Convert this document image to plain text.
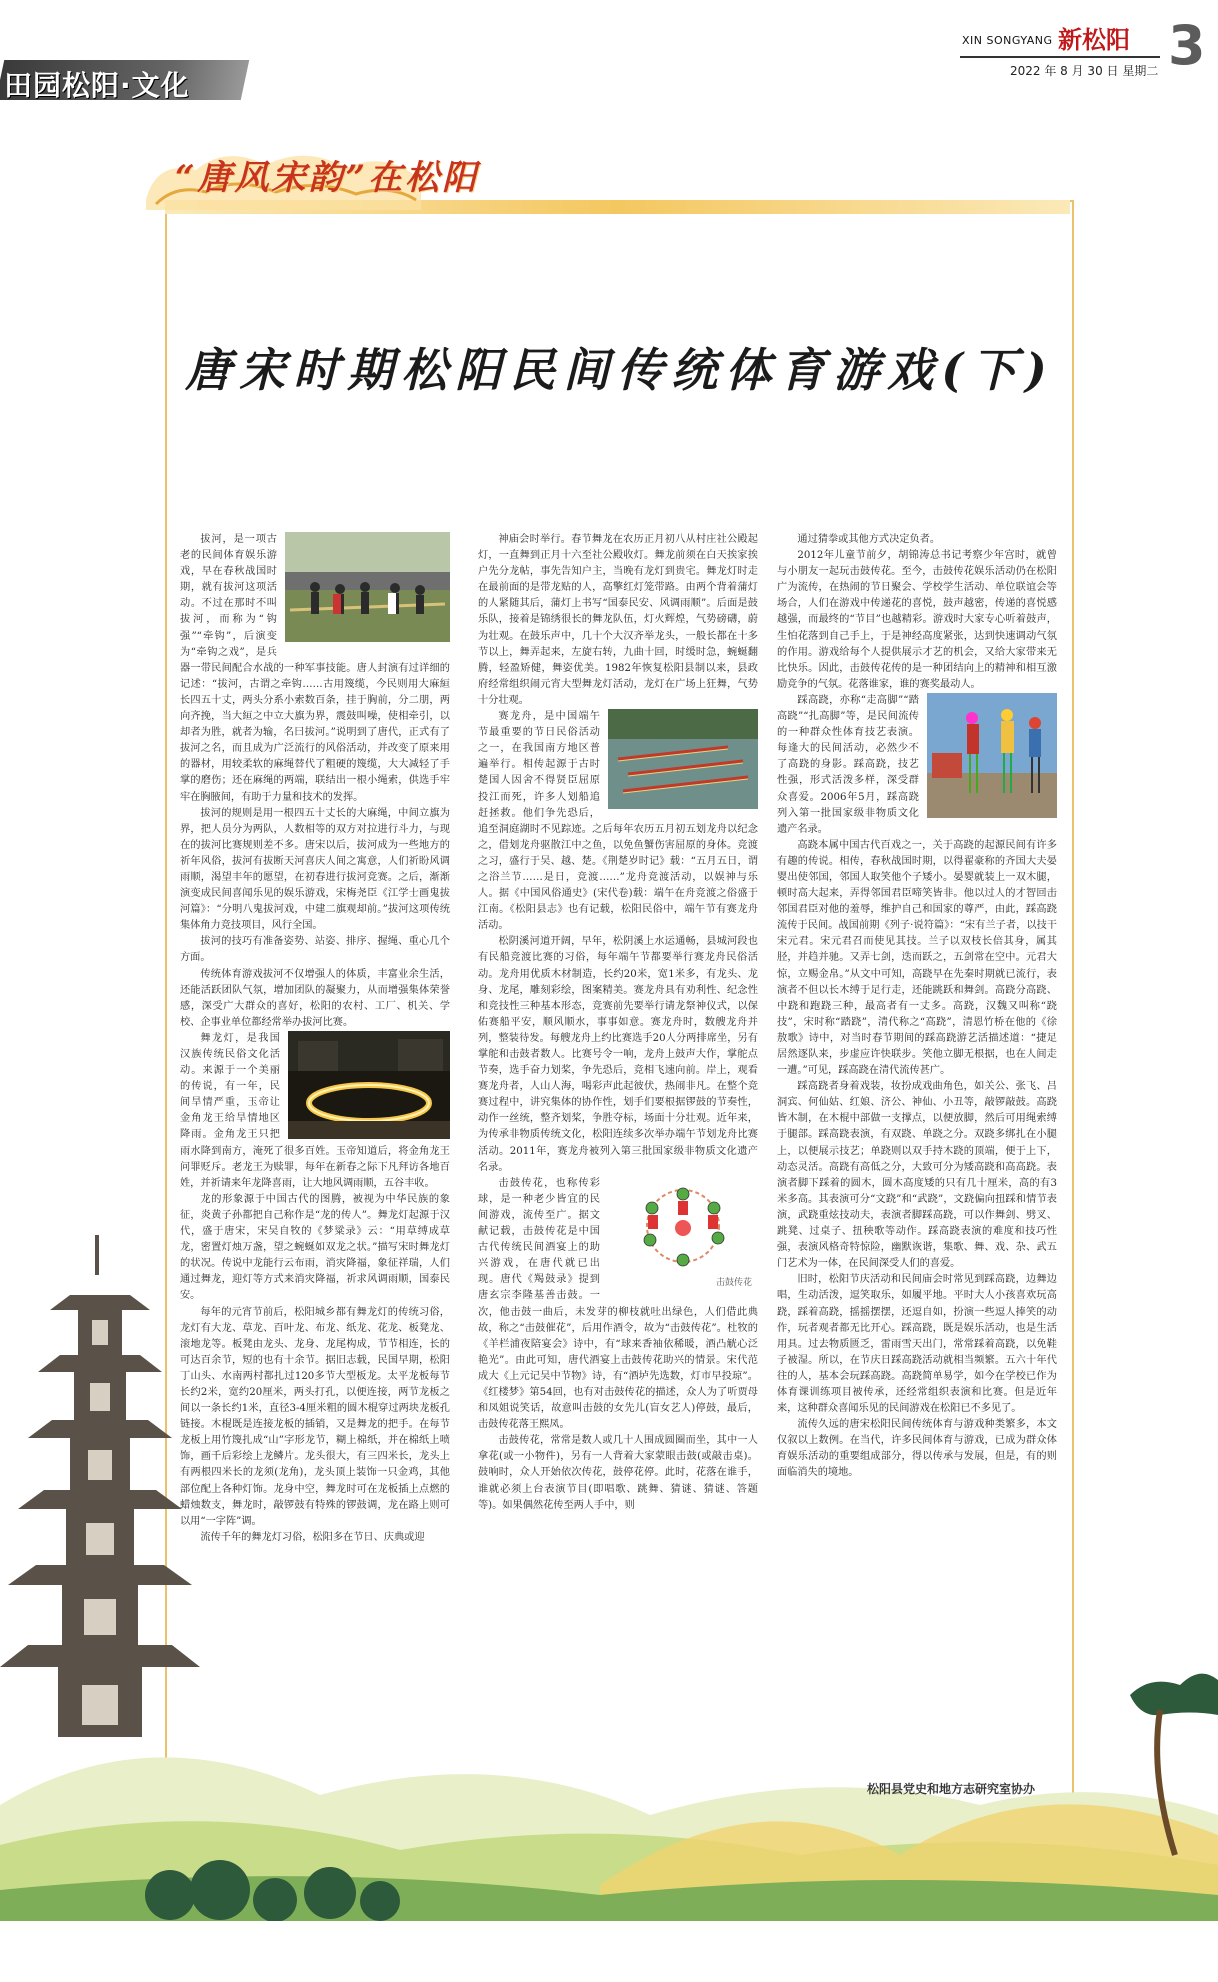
田园松阳·文化
XIN SONGYANG 新松阳 3
2022 年 8 月 30 日 星期二
“唐风宋韵”在松阳
唐宋时期松阳民间传统体育游戏(下)

拔河，是一项古老的民间体育娱乐游戏，早在春秋战国时期，就有拔河这项活动。不过在那时不叫拔河，而称为“钩强”“牵钩”，后演变为“牵钩之戏”，是兵器一带民间配合水战的一种军事技能。唐人封演有过详细的记述：“拔河，古谓之牵钩……古用篾缆，今民则用大麻絙长四五十丈，两头分系小索数百条，挂于胸前，分二朋，两向齐挽，当大絙之中立大旗为界，震鼓叫噪，使相牵引，以却者为胜，就者为输，名曰拔河。”说明到了唐代，正式有了拔河之名，而且成为广泛流行的风俗活动，并改变了原来用的器材，用较柔软的麻绳替代了粗硬的篾缆，大大减轻了手掌的磨伤；还在麻绳的两端，联结出一根小绳索，供选手牢牢在胸腋间，有助于力量和技术的发挥。

拔河的规则是用一根四五十丈长的大麻绳，中间立旗为界，把人员分为两队，人数相等的双方对拉进行斗力，与现在的拔河比赛规则差不多。唐宋以后，拔河成为一些地方的祈年风俗，拔河有拔断天河喜庆人间之寓意，人们祈盼风调雨顺，渴望丰年的愿望，在初春进行拔河竞赛。之后，渐渐演变成民间喜闻乐见的娱乐游戏，宋梅尧臣《江学士画鬼拔河篇》：“分明八鬼拔河戏，中建二旗观却前。”拔河这项传统集体角力竞技项目，风行全国。

拔河的技巧有准备姿势、站姿、排序、握绳、重心几个方面。

传统体育游戏拔河不仅增强人的体质，丰富业余生活，还能活跃团队气氛，增加团队的凝聚力，从而增强集体荣誉感，深受广大群众的喜好，松阳的农村、工厂、机关、学校、企事业单位都经常举办拔河比赛。

舞龙灯，是我国汉族传统民俗文化活动。来源于一个美丽的传说，有一年，民间旱情严重，玉帝让金角龙王给旱情地区降雨。金角龙王只把雨水降到南方，淹死了很多百姓。玉帝知道后，将金角龙王问罪贬斥。老龙王为赎罪，每年在新春之际下凡拜访各地百姓，并祈请来年龙降喜雨，让大地风调雨顺，五谷丰收。

龙的形象源于中国古代的图腾，被视为中华民族的象征，炎黄子孙都把自己称作是“龙的传人”。舞龙灯起源于汉代，盛于唐宋，宋吴自牧的《梦粱录》云：“用草缚成草龙，密置灯烛万盏，望之蜿蜒如双龙之状。”描写宋时舞龙灯的状况。传说中龙能行云布雨，消灾降福，象征祥瑞，人们通过舞龙，迎灯等方式来消灾降福，祈求风调雨顺，国泰民安。

每年的元宵节前后，松阳城乡都有舞龙灯的传统习俗，龙灯有大龙、草龙、百叶龙、布龙、纸龙、花龙、板凳龙、滚地龙等。板凳由龙头、龙身、龙尾构成，节节相连，长的可达百余节，短的也有十余节。据旧志载，民国早期，松阳丁山头、水南两村都扎过120多节大型板龙。太平龙板每节长约2米，宽约20厘米，两头打孔，以便连接，两节龙板之间以一条长约1米，直径3-4厘米粗的圆木棍穿过两块龙板孔链接。木棍既是连接龙板的插销，又是舞龙的把手。在每节龙板上用竹篾扎成“山”字形龙节，糊上棉纸，并在棉纸上喷饰，画千后彩绘上龙鳞片。龙头很大，有三四米长，龙头上有两根四米长的龙须(龙角)，龙头顶上装饰一只金鸡，其他部位配上各种灯饰。龙身中空，舞龙时可在龙板插上点燃的蜡烛数支，舞龙时，敲锣鼓有特殊的锣鼓调，龙在路上则可以用“一字阵”调。

流传千年的舞龙灯习俗，松阳多在节日、庆典或迎

神庙会时举行。春节舞龙在农历正月初八从村庄社公殿起灯，一直舞到正月十六至社公殿收灯。舞龙前须在白天挨家挨户先分龙帖，事先告知户主，当晚有龙灯到贵宅。舞龙灯时走在最前面的是带龙贴的人，高擎红灯笼带路。由两个背着蒲灯的人紧随其后，蒲灯上书写“国泰民安、风调雨顺”。后面是鼓乐队，接着是锦绣很长的舞龙队伍，灯火辉煌，气势磅礴，蔚为壮观。在鼓乐声中，几十个大汉齐举龙头，一般长都在十多节以上，舞弄起来，左旋右转，九曲十回，时缓时急，蜿蜒翻腾，轻盈矫健，舞姿优美。1982年恢复松阳县制以来，县政府经常组织闹元宵大型舞龙灯活动，龙灯在广场上狂舞，气势十分壮观。

赛龙舟，是中国端午节最重要的节日民俗活动之一，在我国南方地区普遍举行。相传起源于古时楚国人因舍不得贤臣屈原投江而死，许多人划船追赶拯救。他们争先恐后，追至洞庭湖时不见踪迹。之后每年农历五月初五划龙舟以纪念之，借划龙舟驱散江中之鱼，以免鱼蟹伤害屈原的身体。竞渡之习，盛行于吴、越、楚。《荆楚岁时记》载：“五月五日，谓之浴兰节……是日，竞渡……”龙舟竞渡活动，以娱神与乐人。据《中国风俗通史》(宋代卷)载：端午在舟竞渡之俗盛于江南。《松阳县志》也有记载，松阳民俗中，端午节有赛龙舟活动。

松阴溪河道开阔，早年，松阴溪上水运通畅，县城河段也有民船竞渡比赛的习俗，每年端午节都要举行赛龙舟民俗活动。龙舟用优质木材制造，长约20米，宽1米多，有龙头、龙身、龙尾，雕刻彩绘，图案精美。赛龙舟具有劝利性、纪念性和竞技性三种基本形态，竞赛前先要举行请龙祭神仪式，以保佑赛船平安，顺风顺水，事事如意。赛龙舟时，数艘龙舟并列，整装待发。每艘龙舟上约比赛选手20人分两排席坐，另有掌舵和击鼓者数人。比赛号令一响，龙舟上鼓声大作，掌舵点节奏，选手奋力划桨，争先恐后，竞相飞速向前。岸上，观看赛龙舟者，人山人海，喝彩声此起彼伏，热闹非凡。在整个竞赛过程中，讲究集体的协作性，划手们要根据锣鼓的节奏性，动作一丝统，整齐划桨，争胜夺标，场面十分壮观。近年来，为传承非物质传统文化，松阳连续多次举办端午节划龙舟比赛活动。2011年，赛龙舟被列入第三批国家级非物质文化遗产名录。

击鼓传花

击鼓传花，也称传彩球，是一种老少皆宜的民间游戏，流传至广。据文献记载，击鼓传花是中国古代传统民间酒宴上的助兴游戏，在唐代就已出现。唐代《羯鼓录》提到唐玄宗李隆基善击鼓。一次，他击鼓一曲后，未发芽的柳枝就吐出绿色，人们借此典故，称之“击鼓催花”，后用作酒令，故为“击鼓传花”。杜牧的《羊栏浦夜陪宴会》诗中，有“球来香袖依稀暖，酒凸觥心泛艳光”。由此可知，唐代酒宴上击鼓传花助兴的情景。宋代范成大《上元记吴中节物》诗，有“酒垆先选数，灯市早投琼”。《红楼梦》第54回，也有对击鼓传花的描述，众人为了听贾母和凤姐说笑话，故意叫击鼓的女先儿(盲女艺人)停鼓，最后，击鼓传花落王熙凤。

击鼓传花，常常是数人或几十人围成圆圈而坐，其中一人拿花(或一小物件)，另有一人背着大家蒙眼击鼓(或敲击桌)。鼓响时，众人开始依次传花，鼓停花停。此时，花落在谁手，谁就必须上台表演节目(即唱歌、跳舞、猜谜、猜谜、答题等)。如果偶然花传至两人手中，则

通过猜拳或其他方式决定负者。

2012年儿童节前夕，胡锦涛总书记考察少年宫时，就曾与小朋友一起玩击鼓传花。至今，击鼓传花娱乐活动仍在松阳广为流传，在热闹的节日聚会、学校学生活动、单位联谊会等场合，人们在游戏中传递花的喜悦，鼓声越密，传递的喜悦感越强，而最终的“节目”也越精彩。游戏时大家专心听着鼓声，生怕花落到自己手上，于是神经高度紧张，达到快速调动气氛的作用。游戏给每个人提供展示才艺的机会，又给大家带来无比快乐。因此，击鼓传花传的是一种团结向上的精神和相互激励竞争的气氛。花落谁家，谁的赛奖最动人。

踩高跷，亦称“走高脚”“踏高跷”“扎高脚”等，是民间流传的一种群众性体育技艺表演。每逢大的民间活动，必然少不了高跷的身影。踩高跷，技艺性强，形式活泼多样，深受群众喜爱。2006年5月，踩高跷列入第一批国家级非物质文化遗产名录。

高跷本属中国古代百戏之一，关于高跷的起源民间有许多有趣的传说。相传，春秋战国时期，以得翟豪称的齐国大夫晏婴出使邻国，邻国人取笑他个子矮小。晏婴就装上一双木腿，顿时高大起来，弄得邻国君臣啼笑皆非。他以过人的才智回击邻国君臣对他的羞辱，维护自己和国家的尊严，由此，踩高跷流传于民间。战国前期《列子·说符篇》：“宋有兰子者，以技干宋元君。宋元君召而使见其技。兰子以双枝长倍其身，属其胫，并趋并驰。又弄七剑，迭而跃之，五剑常在空中。元君大惊，立赐金帛。”从文中可知，高跷早在先秦时期就已流行，表演者不但以长木缚于足行走，还能跳跃和舞剑。高跷分高跷、中跷和跑跷三种，最高者有一丈多。高跷，汉魏又叫称“跷技”，宋时称“踏跷”，清代称之“高跷”，清恩竹桥在他的《徐敖歌》诗中，对当时春节期间的踩高跷游艺活描述道：“捷足居然逐队来，步虚应许快联步。笑他立脚无根据，也在人间走一遭。”可见，踩高跷在清代流传甚广。

踩高跷者身着戏装，妆扮成戏曲角色，如关公、张飞、吕洞宾、何仙姑、红娘、济公、神仙、小丑等，敲锣敲鼓。高跷皆木制，在木棍中部做一支撑点，以便放脚，然后可用绳索缚于腿部。踩高跷表演，有双跷、单跷之分。双跷多绑扎在小腿上，以便展示技艺；单跷则以双手持木跷的顶端，便于上下，动态灵活。高跷有高低之分，大致可分为矮高跷和高高跷。表演者脚下踩着的圆木，圆木高度矮的只有几十厘米，高的有3米多高。其表演可分“文跷”和“武跷”，文跷偏向扭踩和情节表演，武跷重炫技动夫，表演者脚踩高跷，可以作舞剑、劈叉、跳凳、过桌子、扭秧歌等动作。踩高跷表演的难度和技巧性强，表演风格奇特惊险，幽默诙谐，集歌、舞、戏、杂、武五门艺术为一体，在民间深受人们的喜爱。

旧时，松阳节庆活动和民间庙会时常见到踩高跷，边舞边唱，生动活泼，逗笑取乐，如履平地。平时大人小孩喜欢玩高跷，踩着高跷，摇摇摆摆，还逗自如，扮演一些逗人捧笑的动作，玩者观者都无比开心。踩高跷，既是娱乐活动，也是生活用具。过去物质匮乏，雷雨雪天出门，常常踩着高跷，以免鞋子被湿。所以，在节庆日踩高跷活动就相当频繁。五六十年代往的人，基本会玩踩高跷。高跷简单易学，如今在学校已作为体育课训练项目被传承，还经常组织表演和比赛。但是近年来，这种群众喜闻乐见的民间游戏在松阳已不多见了。

流传久远的唐宋松阳民间传统体育与游戏种类繁多，本文仅叙以上数例。在当代，许多民间体育与游戏，已成为群众体育娱乐活动的重要组成部分，得以传承与发展，但是，有的则面临消失的境地。

松阳县党史和地方志研究室协办
